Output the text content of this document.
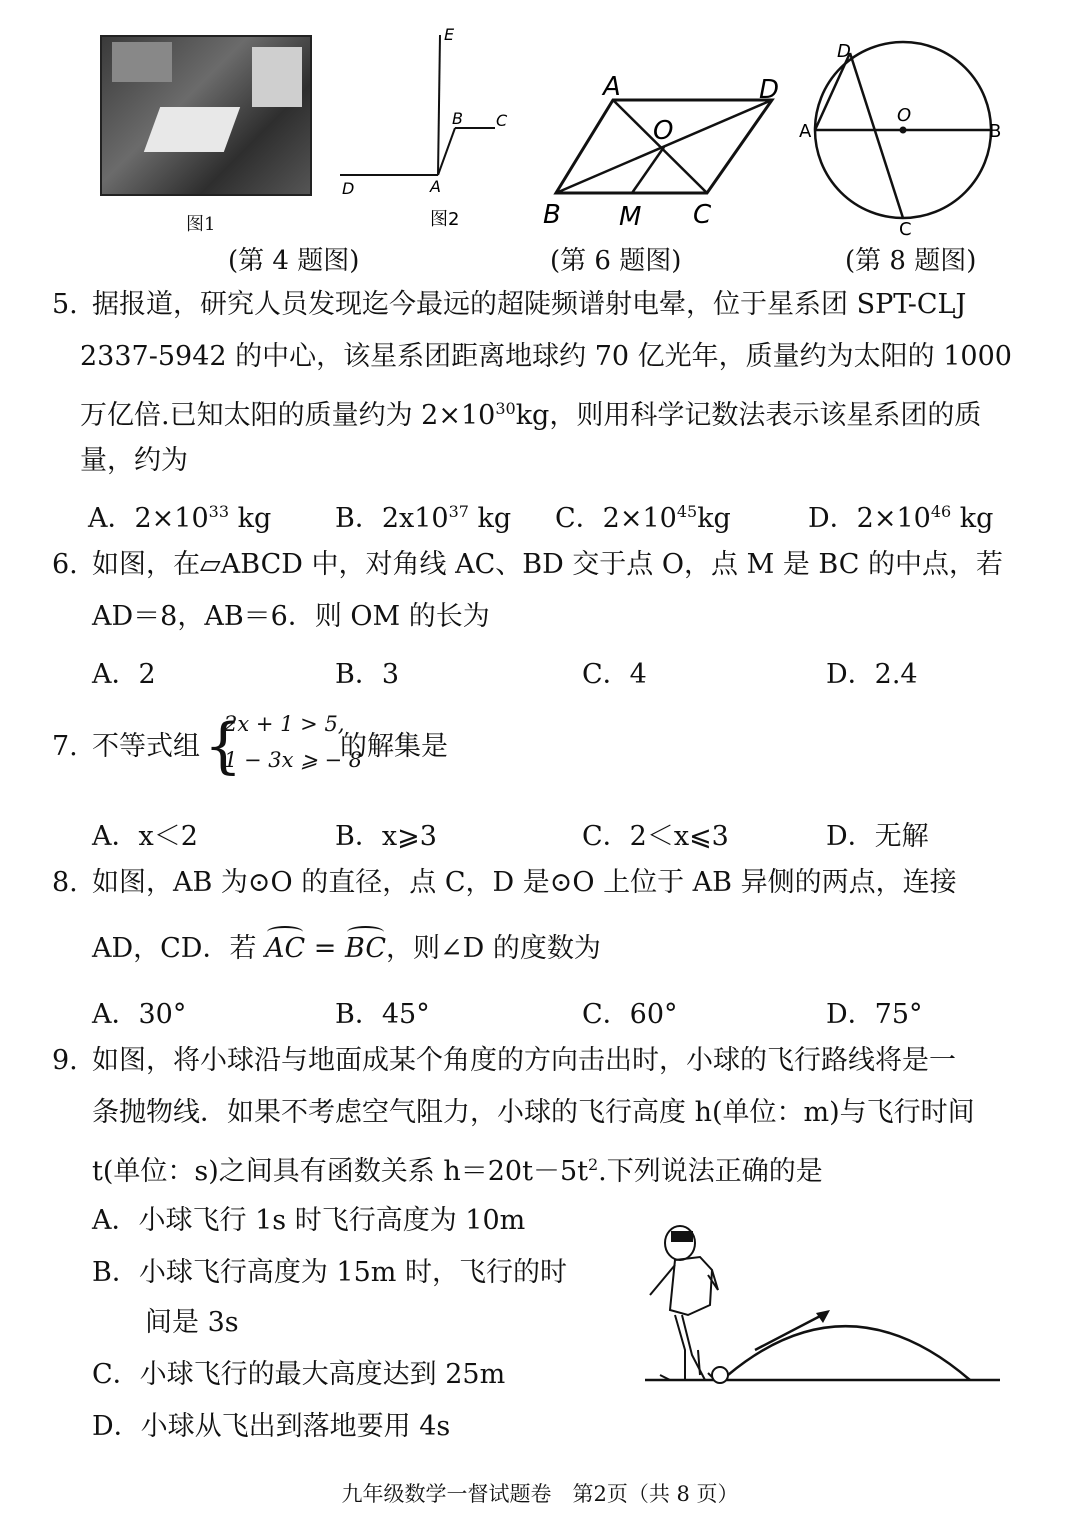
图1
E
B C
D	A
图2
A	D
O
B M C
D
O
A	B
C
(第 4 题图)	(第 6 题图)	(第 8 题图)
5. 据报道，研究人员发现迄今最远的超陡频谱射电晕，位于星系团 SPT-CLJ
2337-5942 的中心，该星系团距离地球约 70 亿光年，质量约为太阳的 1000
万亿倍.已知太阳的质量约为 $2\times 10^{30}kg$，则用科学记数法表示该星系团的质
量，约为
A．$2\times 10^{33}$ kg B．$2x10^{37}$ kg C．$2\times 10^{45}kg$	D．$2\times 10^{46}$ kg
6. 如图，在▱ABCD 中，对角线 AC、BD 交于点 O，点 M 是 BC 的中点，若
AD＝8，AB＝6．则 OM 的长为
A．2	B．3	C．4	D．2.4
7. 不等式组 {
2x + 1 > 5,
1 − 3x ⩾ − 8
的解集是
A．x＜2	B．x⩾3	C．2＜x⩽3	D．无解
8. 如图，AB 为⊙O 的直径，点 C，D 是⊙O 上位于 AB 异侧的两点，连接
AD，CD．若 AC = BC，则∠D 的度数为
A．30°	B．45°	C．60°	D．75°
9. 如图，将小球沿与地面成某个角度的方向击出时，小球的飞行路线将是一
条抛物线．如果不考虑空气阻力，小球的飞行高度 h(单位：m)与飞行时间
t(单位：s)之间具有函数关系 $h=20t-5t^2$.下列说法正确的是
A．小球飞行 1s 时飞行高度为 10m
B．小球飞行高度为 15m 时，飞行的时
间是 3s
C．小球飞行的最大高度达到 25m
D．小球从飞出到落地要用 4s
九年级数学一督试题卷　第2页（共 8 页）
